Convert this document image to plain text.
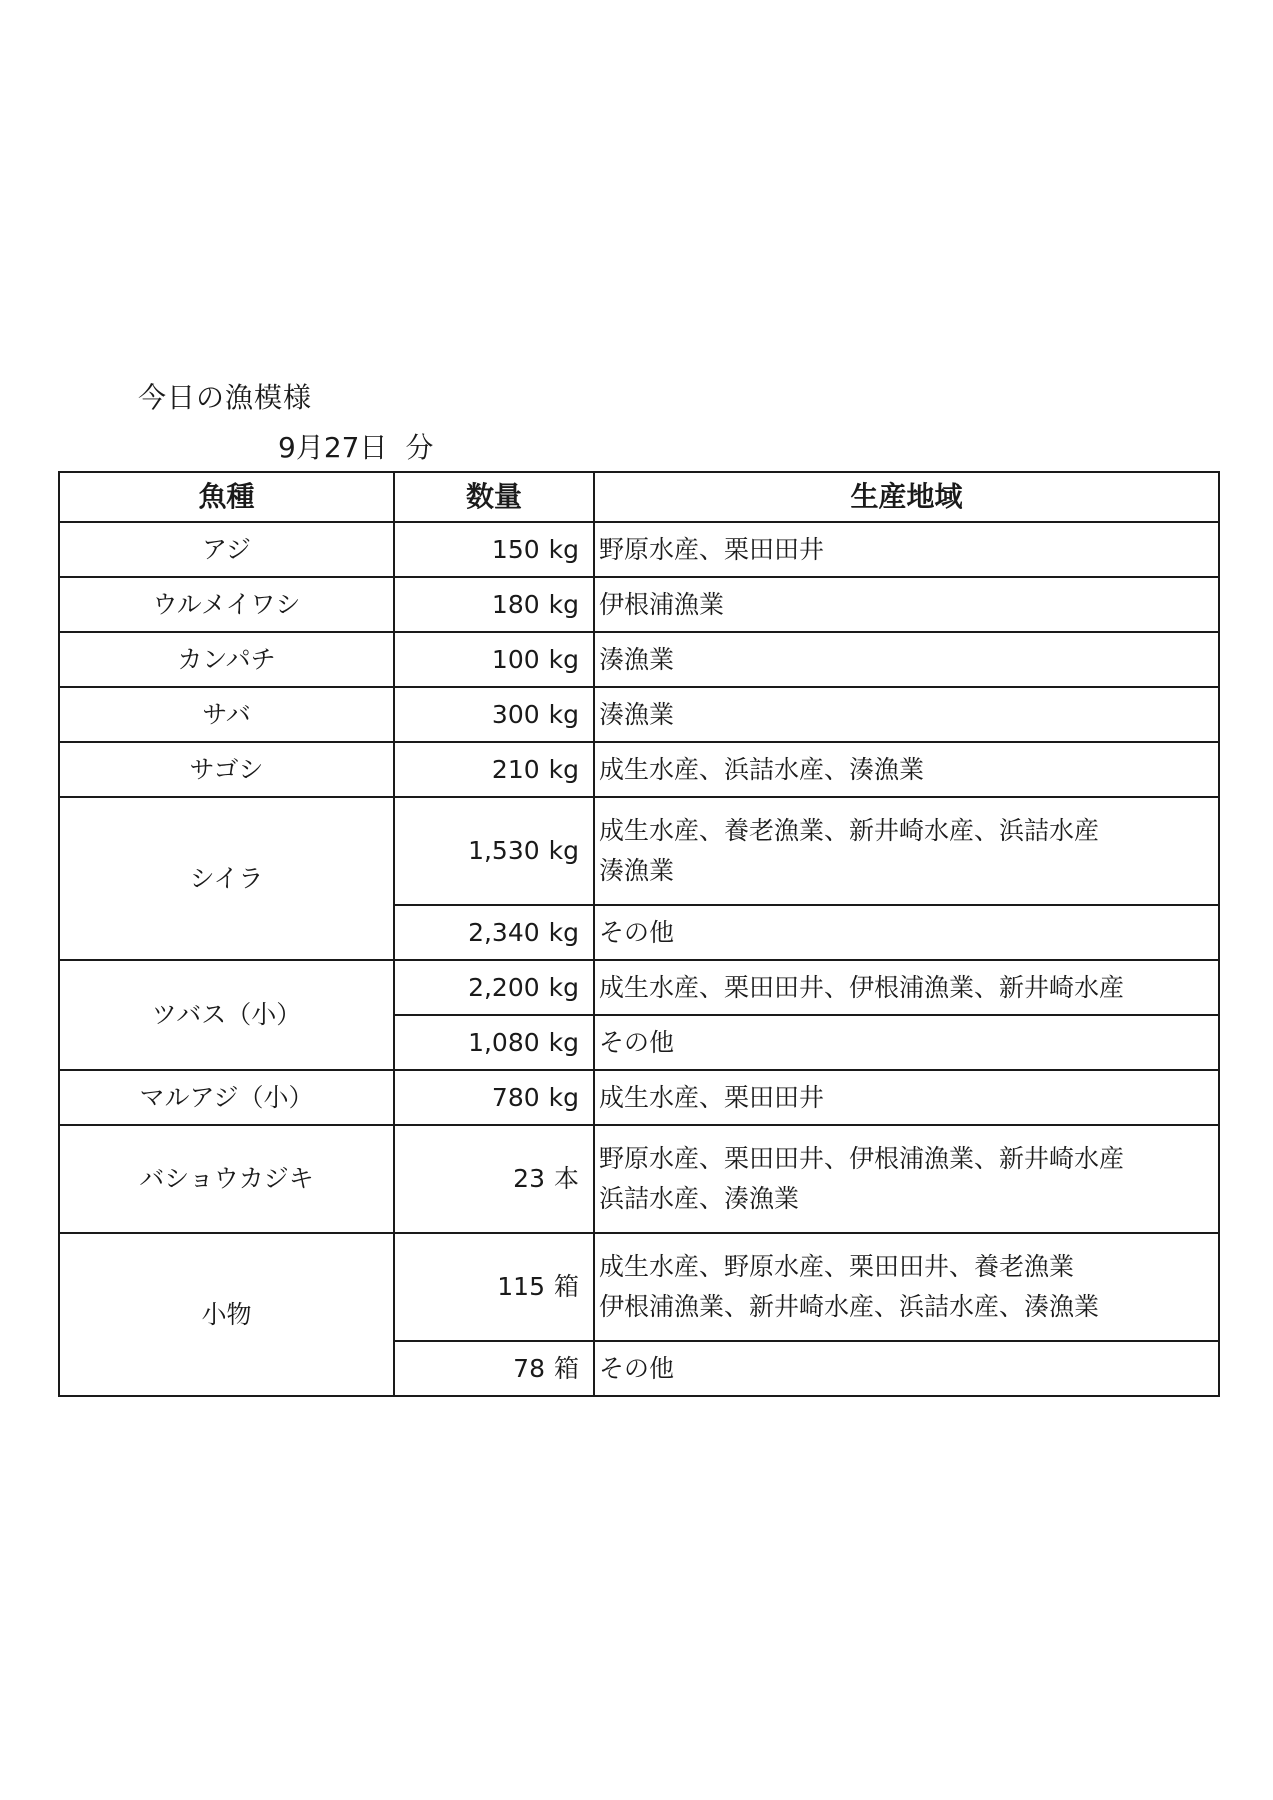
今日の漁模様
9月27日 分
魚種	数量	生産地域
アジ	150 kg	野原水産、栗田田井

ウルメイワシ	180 kg	伊根浦漁業

カンパチ	100 kg	湊漁業

サバ	300 kg	湊漁業

サゴシ	210 kg	成生水産、浜詰水産、湊漁業

シイラ	1,530 kg	成生水産、養老漁業、新井崎水産、浜詰水産
湊漁業

	2,340 kg	その他

ツバス（小）	2,200 kg	成生水産、栗田田井、伊根浦漁業、新井崎水産

	1,080 kg	その他

マルアジ（小）	780 kg	成生水産、栗田田井

バショウカジキ	23 本	野原水産、栗田田井、伊根浦漁業、新井崎水産
浜詰水産、湊漁業

小物	115 箱	成生水産、野原水産、栗田田井、養老漁業
伊根浦漁業、新井崎水産、浜詰水産、湊漁業

	78 箱	その他
